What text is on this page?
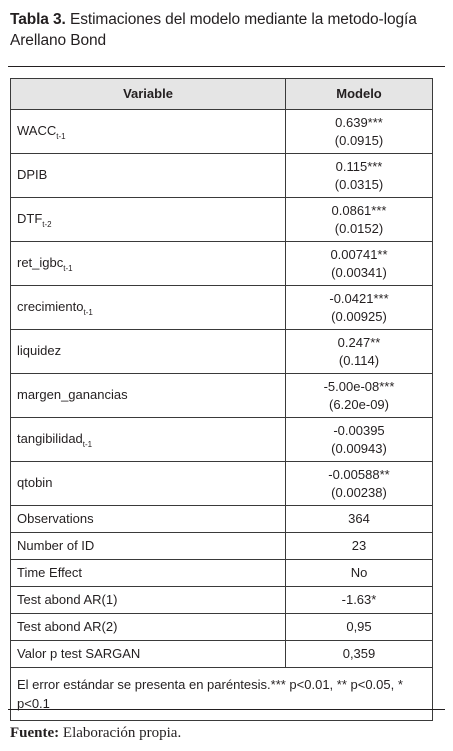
Tabla 3. Estimaciones del modelo mediante la metodo-logía Arellano Bond
Variable	Modelo
$WACC_{t-1}$	0.639***
(0.0915)

DPIB	0.115***
(0.0315)

$DTF_{t-2}$	0.0861***
(0.0152)

ret_igbc$_{t-1}$	0.00741**
(0.00341)

crecimiento$_{t-1}$	-0.0421***
(0.00925)

liquidez	0.247**
(0.114)

margen_ganancias	-5.00e-08***
(6.20e-09)

tangibilidad$_{t-1}$	-0.00395
(0.00943)

qtobin	-0.00588**
(0.00238)

Observations	364
Number of ID	23
Time Effect	No
Test abond AR(1)	-1.63*
Test abond AR(2)	0,95
Valor p test SARGAN	0,359
El error estándar se presenta en paréntesis.*** p<0.01, ** p<0.05, * p<0.1	
Fuente: Elaboración propia.
